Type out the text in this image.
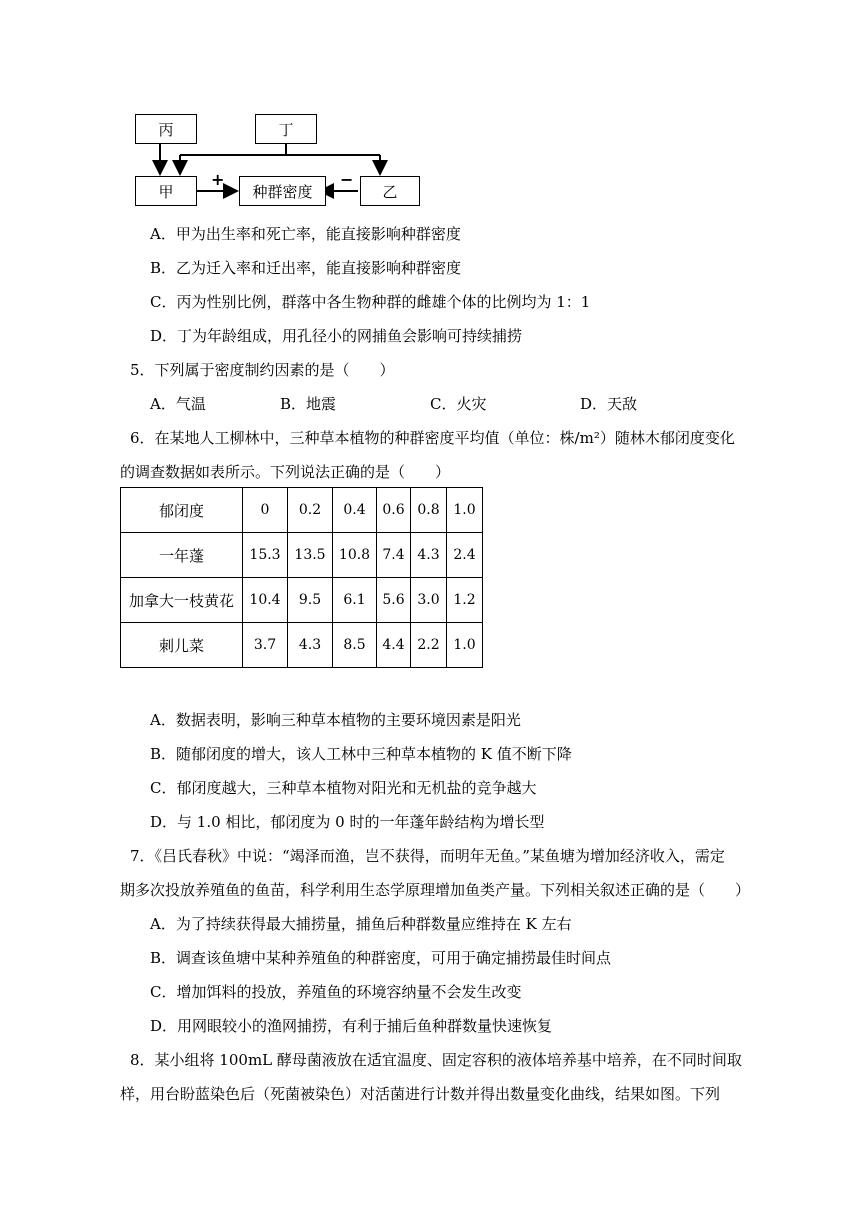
丙	丁
甲	种群密度	乙
+	−
A．甲为出生率和死亡率，能直接影响种群密度
B．乙为迁入率和迁出率，能直接影响种群密度
C．丙为性别比例，群落中各生物种群的雌雄个体的比例均为 1：1
D．丁为年龄组成，用孔径小的网捕鱼会影响可持续捕捞
5．下列属于密度制约因素的是（　　）
A．气温	B．地震	C．火灾	D．天敌
6．在某地人工柳林中，三种草本植物的种群密度平均值（单位：株/m²）随林木郁闭度变化
的调查数据如表所示。下列说法正确的是（　　）
郁闭度	0	0.2	0.4	0.6	0.8	1.0
一年蓬	15.3	13.5	10.8	7.4	4.3	2.4
加拿大一枝黄花	10.4	9.5	6.1	5.6	3.0	1.2
刺儿菜	3.7	4.3	8.5	4.4	2.2	1.0
A．数据表明，影响三种草本植物的主要环境因素是阳光
B．随郁闭度的增大，该人工林中三种草本植物的 K 值不断下降
C．郁闭度越大，三种草本植物对阳光和无机盐的竞争越大
D．与 1.0 相比，郁闭度为 0 时的一年蓬年龄结构为增长型
7．《吕氏春秋》中说：“竭泽而渔，岂不获得，而明年无鱼。”某鱼塘为增加经济收入，需定
期多次投放养殖鱼的鱼苗，科学利用生态学原理增加鱼类产量。下列相关叙述正确的是（　　）
A．为了持续获得最大捕捞量，捕鱼后种群数量应维持在 K 左右
B．调查该鱼塘中某种养殖鱼的种群密度，可用于确定捕捞最佳时间点
C．增加饵料的投放，养殖鱼的环境容纳量不会发生改变
D．用网眼较小的渔网捕捞，有利于捕后鱼种群数量快速恢复
8．某小组将 100mL 酵母菌液放在适宜温度、固定容积的液体培养基中培养，在不同时间取
样，用台盼蓝染色后（死菌被染色）对活菌进行计数并得出数量变化曲线，结果如图。下列
